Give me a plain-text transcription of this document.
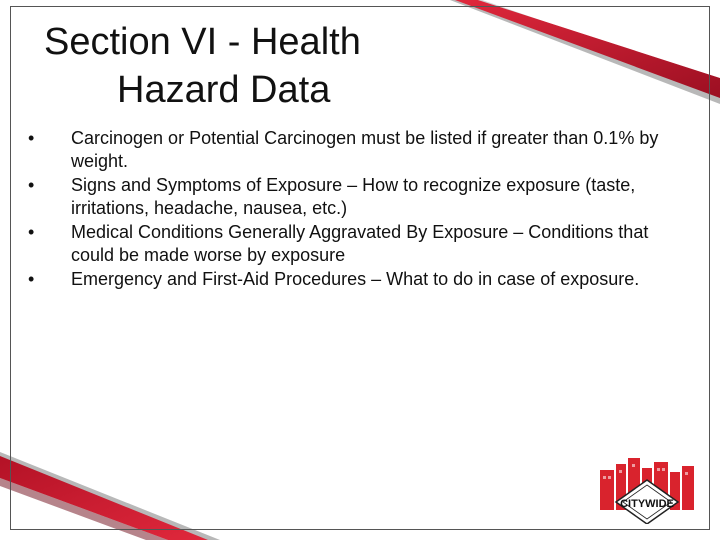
Section VI - Health
Hazard Data
•	Carcinogen or Potential Carcinogen must be listed if greater than 0.1% by weight.
•	Signs and Symptoms of Exposure – How to recognize exposure (taste, irritations, headache, nausea, etc.)
•	Medical Conditions Generally Aggravated By Exposure – Conditions that could be made worse by exposure
•	Emergency and First-Aid Procedures – What to do in case of exposure.
CITYWIDE
